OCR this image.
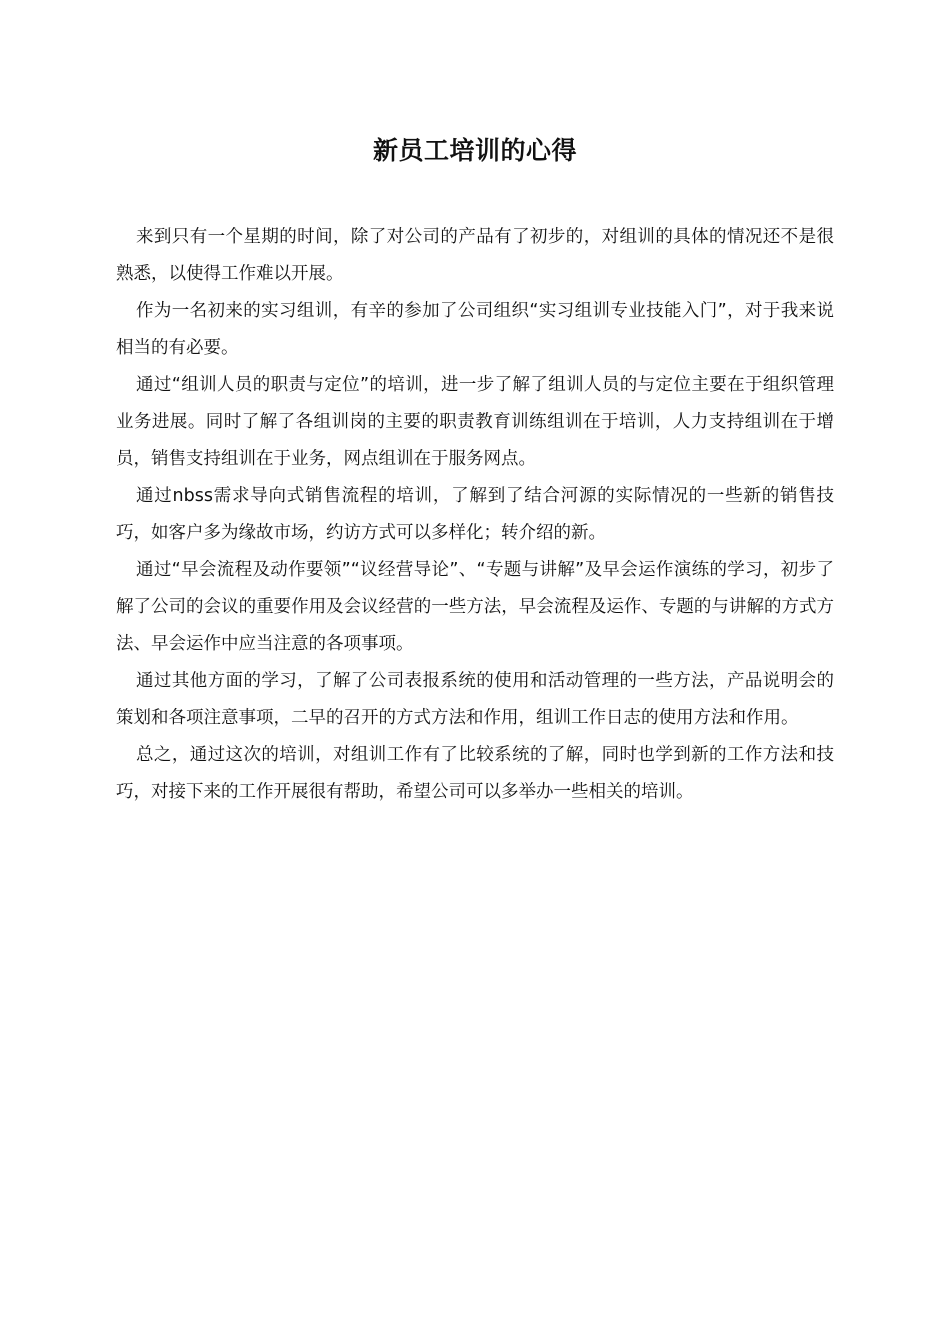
新员工培训的心得

来到只有一个星期的时间，除了对公司的产品有了初步的，对组训的具体的情况还不是很熟悉，以使得工作难以开展。

作为一名初来的实习组训，有辛的参加了公司组织“实习组训专业技能入门”，对于我来说相当的有必要。

通过“组训人员的职责与定位”的培训，进一步了解了组训人员的与定位主要在于组织管理业务进展。同时了解了各组训岗的主要的职责教育训练组训在于培训，人力支持组训在于增员，销售支持组训在于业务，网点组训在于服务网点。

通过nbss需求导向式销售流程的培训，了解到了结合河源的实际情况的一些新的销售技巧，如客户多为缘故市场，约访方式可以多样化；转介绍的新。

通过“早会流程及动作要领”“议经营导论”、“专题与讲解”及早会运作演练的学习，初步了解了公司的会议的重要作用及会议经营的一些方法，早会流程及运作、专题的与讲解的方式方法、早会运作中应当注意的各项事项。

通过其他方面的学习，了解了公司表报系统的使用和活动管理的一些方法，产品说明会的策划和各项注意事项，二早的召开的方式方法和作用，组训工作日志的使用方法和作用。

总之，通过这次的培训，对组训工作有了比较系统的了解，同时也学到新的工作方法和技巧，对接下来的工作开展很有帮助，希望公司可以多举办一些相关的培训。
